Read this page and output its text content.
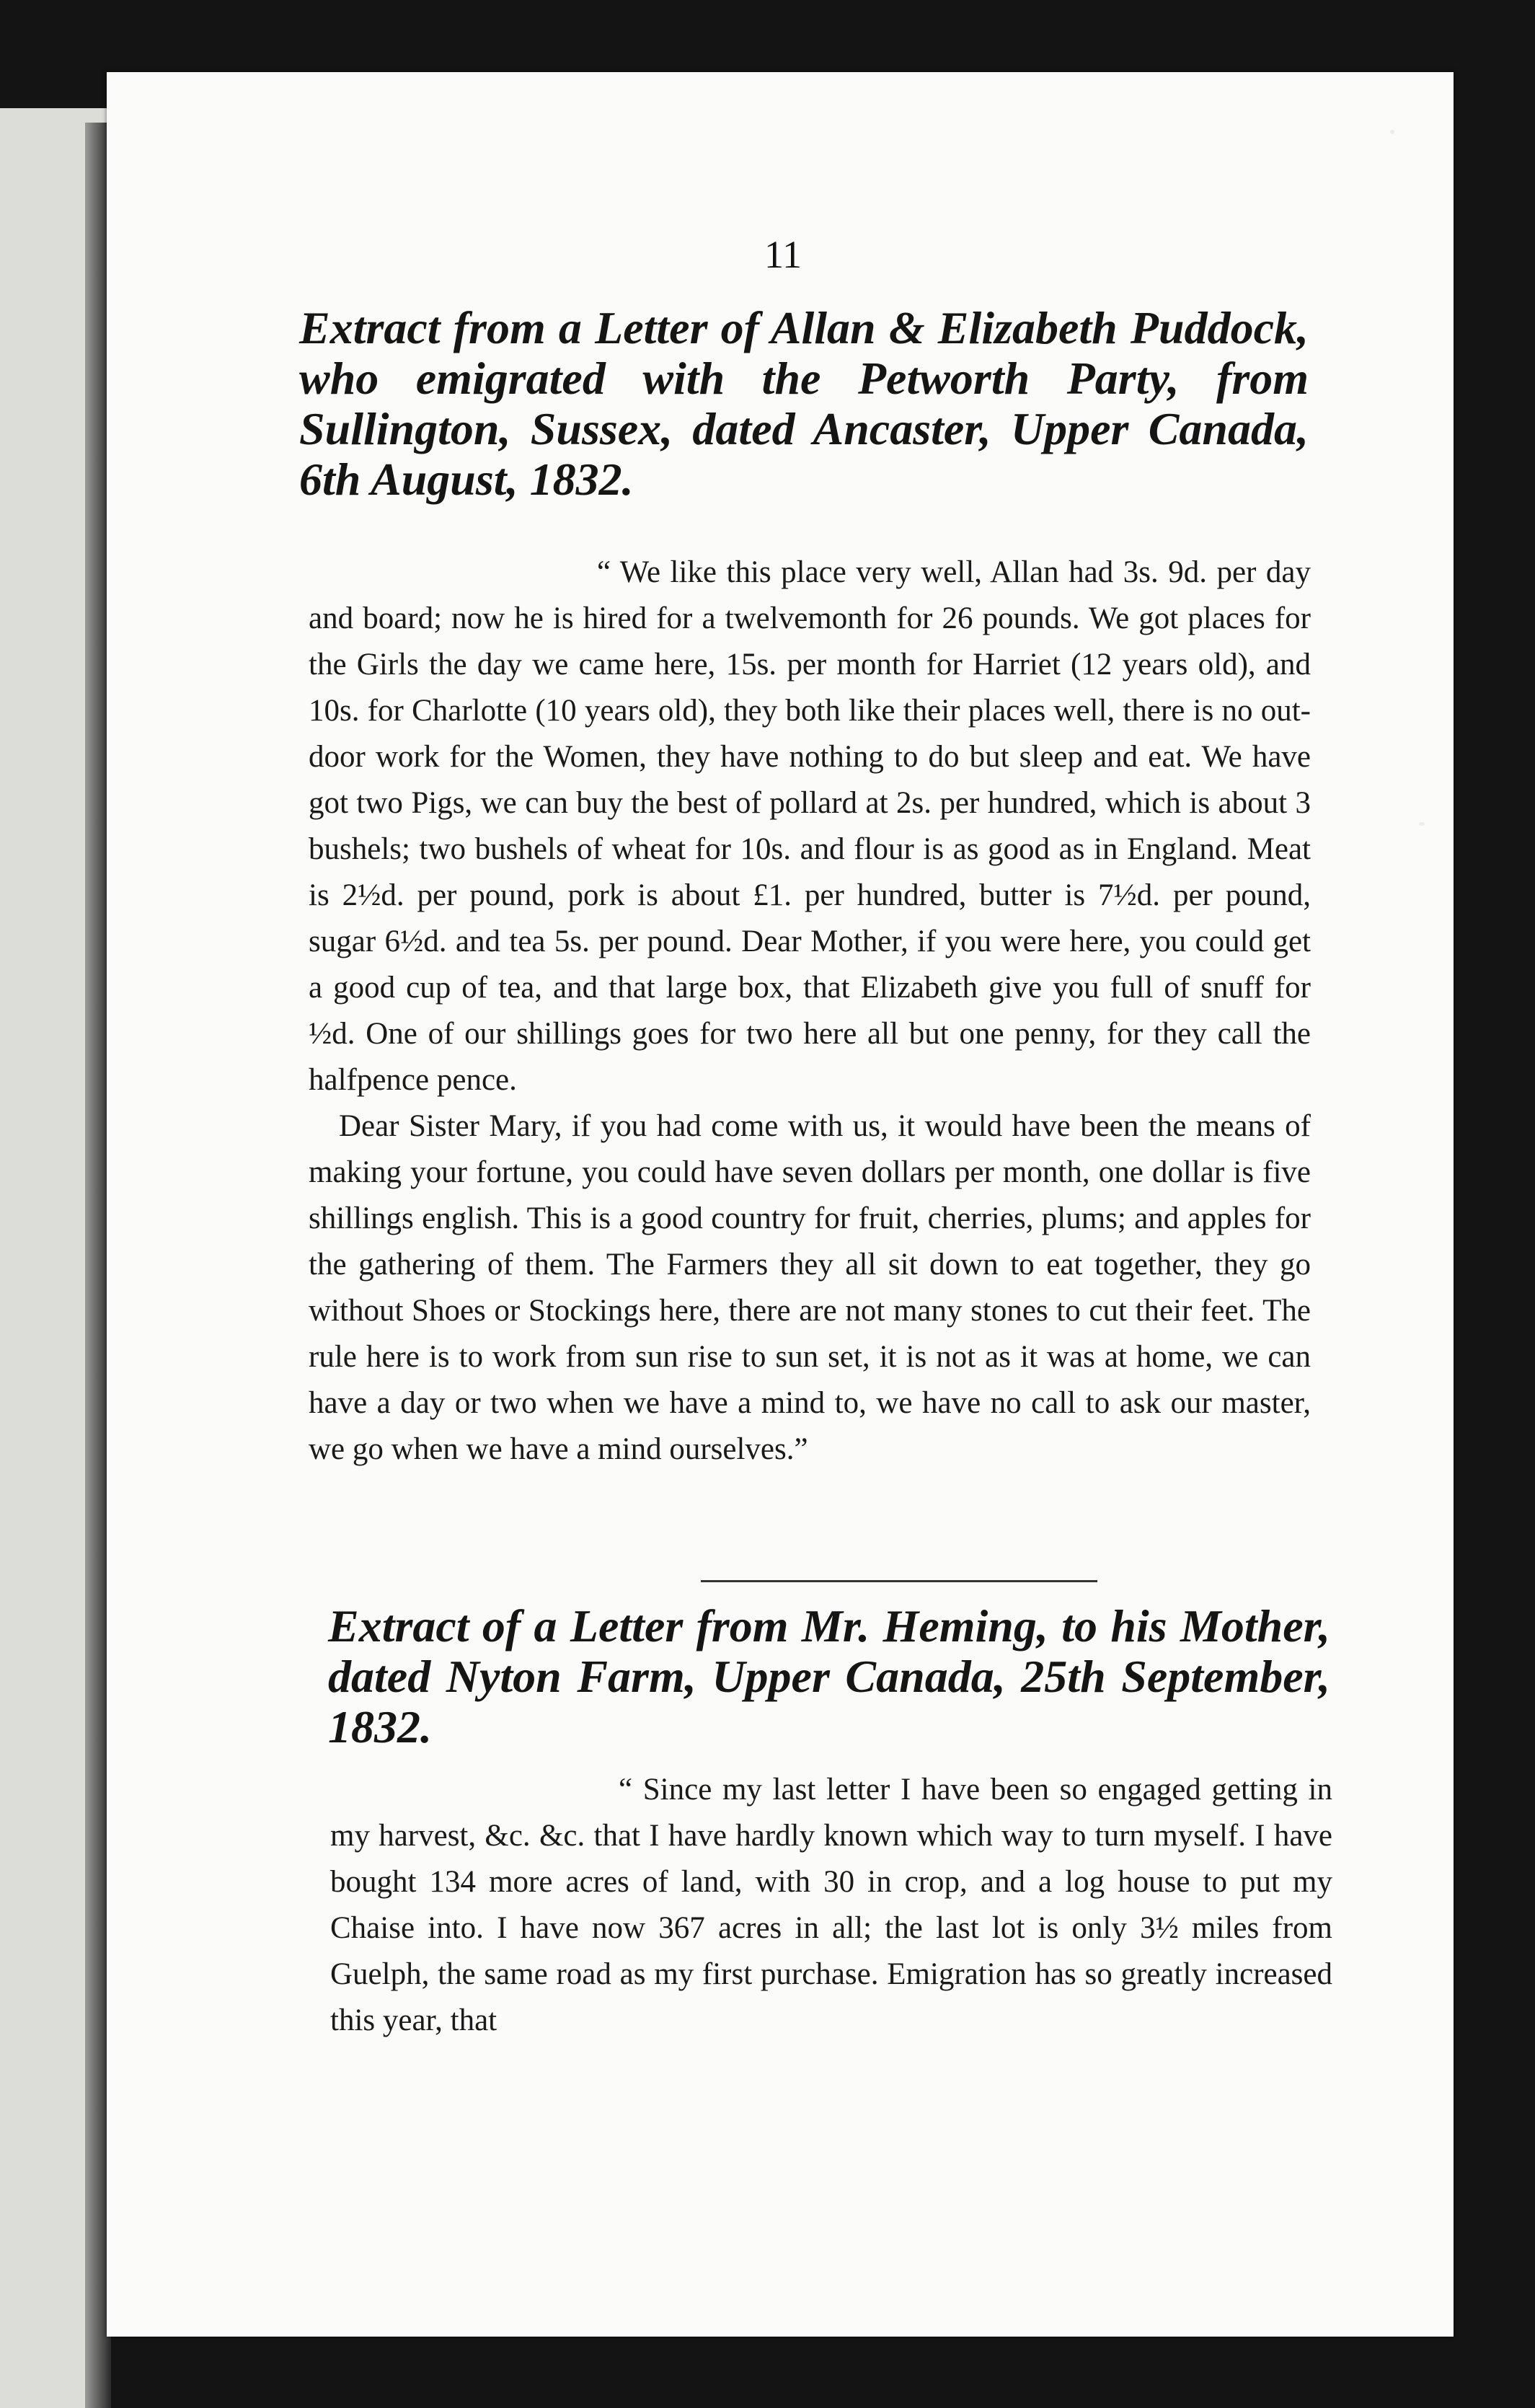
11
Extract from a Letter of Allan & Elizabeth Puddock, who emigrated with the Petworth Party, from Sullington, Sussex, dated Ancaster, Upper Canada, 6th August, 1832.

“ We like this place very well, Allan had 3s. 9d. per day and board; now he is hired for a twelvemonth for 26 pounds. We got places for the Girls the day we came here, 15s. per month for Harriet (12 years old), and 10s. for Charlotte (10 years old), they both like their places well, there is no out-door work for the Women, they have nothing to do but sleep and eat. We have got two Pigs, we can buy the best of pollard at 2s. per hundred, which is about 3 bushels; two bushels of wheat for 10s. and flour is as good as in England. Meat is 2½d. per pound, pork is about £1. per hundred, butter is 7½d. per pound, sugar 6½d. and tea 5s. per pound. Dear Mother, if you were here, you could get a good cup of tea, and that large box, that Elizabeth give you full of snuff for ½d. One of our shillings goes for two here all but one penny, for they call the halfpence pence.

Dear Sister Mary, if you had come with us, it would have been the means of making your fortune, you could have seven dollars per month, one dollar is five shillings english. This is a good country for fruit, cherries, plums; and apples for the gathering of them. The Farmers they all sit down to eat together, they go without Shoes or Stockings here, there are not many stones to cut their feet. The rule here is to work from sun rise to sun set, it is not as it was at home, we can have a day or two when we have a mind to, we have no call to ask our master, we go when we have a mind ourselves.”

Extract of a Letter from Mr. Heming, to his Mother, dated Nyton Farm, Upper Canada, 25th September, 1832.

“ Since my last letter I have been so engaged getting in my harvest, &c. &c. that I have hardly known which way to turn myself. I have bought 134 more acres of land, with 30 in crop, and a log house to put my Chaise into. I have now 367 acres in all; the last lot is only 3½ miles from Guelph, the same road as my first purchase. Emigration has so greatly increased this year, that
